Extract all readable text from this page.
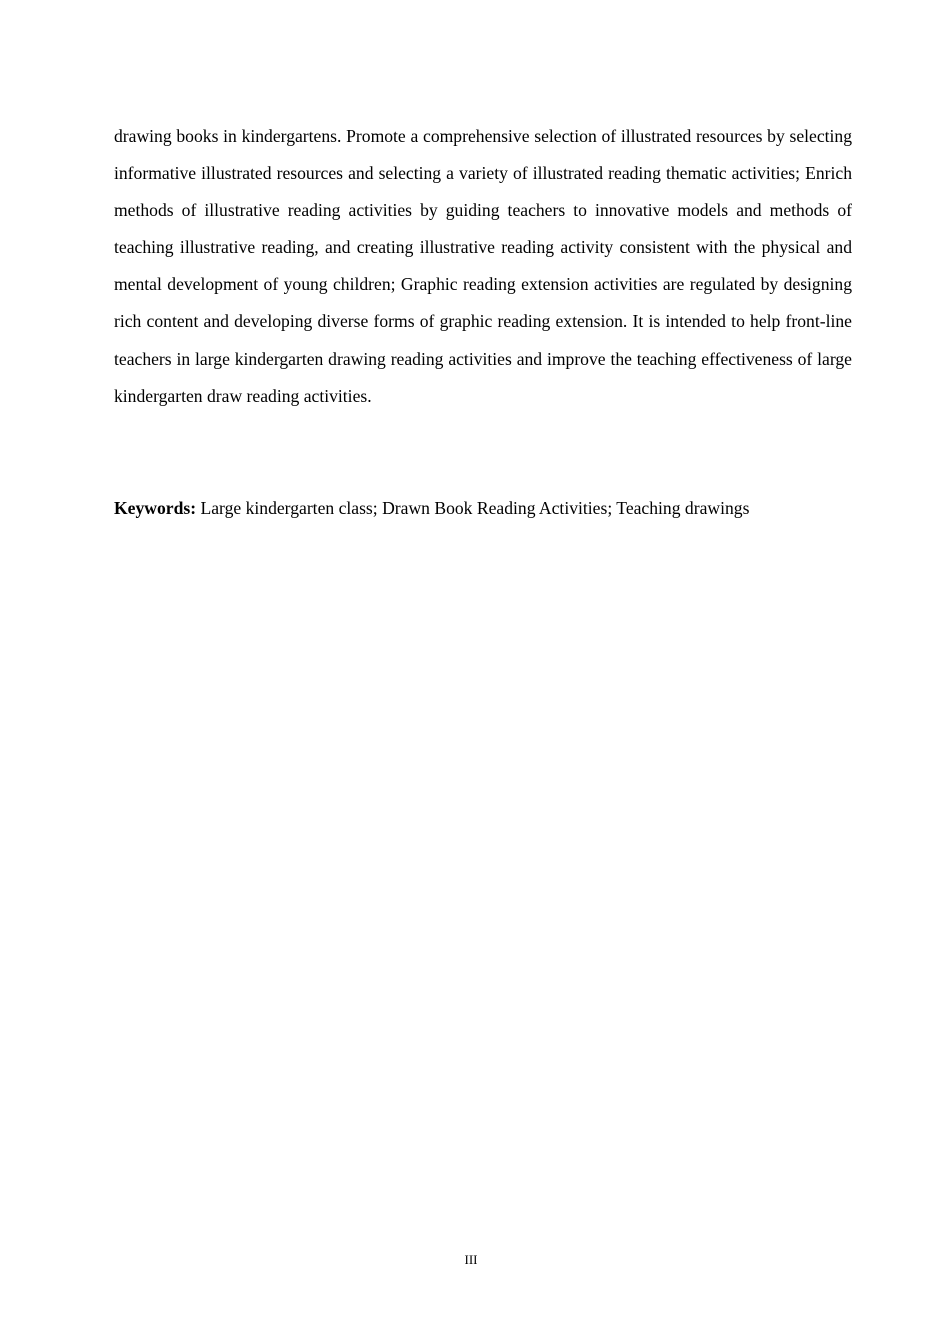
drawing books in kindergartens. Promote a comprehensive selection of illustrated resources by selecting informative illustrated resources and selecting a variety of illustrated reading thematic activities; Enrich methods of illustrative reading activities by guiding teachers to innovative models and methods of teaching illustrative reading, and creating illustrative reading activity consistent with the physical and mental development of young children; Graphic reading extension activities are regulated by designing rich content and developing diverse forms of graphic reading extension. It is intended to help front-line teachers in large kindergarten drawing reading activities and improve the teaching effectiveness of large kindergarten draw reading activities.

Keywords: Large kindergarten class; Drawn Book Reading Activities; Teaching drawings

III
